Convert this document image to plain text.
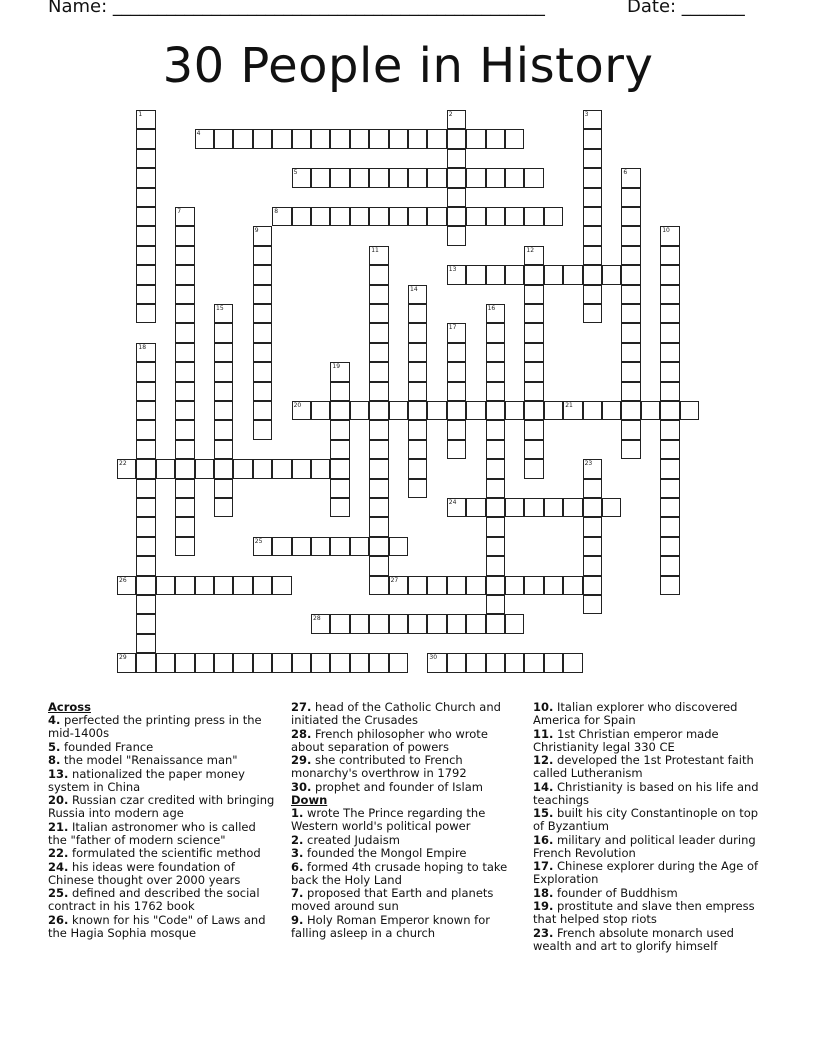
Name: ________________________________________________	Date: _______
30 People in History
1	2	3
4
5	6
7	8
9	10
11	12
13
14
15	16
17
18
19
20	21
22	23
24
25
26	27
28
29	30
Across
4. perfected the printing press in the mid-1400s
5. founded France
8. the model "Renaissance man"
13. nationalized the paper money system in China
20. Russian czar credited with bringing Russia into modern age
21. Italian astronomer who is called the "father of modern science"
22. formulated the scientific method
24. his ideas were foundation of Chinese thought over 2000 years
25. defined and described the social contract in his 1762 book
26. known for his "Code" of Laws and the Hagia Sophia mosque
27. head of the Catholic Church and initiated the Crusades
28. French philosopher who wrote about separation of powers
29. she contributed to French monarchy's overthrow in 1792
30. prophet and founder of Islam
Down
1. wrote The Prince regarding the Western world's political power
2. created Judaism
3. founded the Mongol Empire
6. formed 4th crusade hoping to take back the Holy Land
7. proposed that Earth and planets moved around sun
9. Holy Roman Emperor known for falling asleep in a church
10. Italian explorer who discovered America for Spain
11. 1st Christian emperor made Christianity legal 330 CE
12. developed the 1st Protestant faith called Lutheranism
14. Christianity is based on his life and teachings
15. built his city Constantinople on top of Byzantium
16. military and political leader during French Revolution
17. Chinese explorer during the Age of Exploration
18. founder of Buddhism
19. prostitute and slave then empress that helped stop riots
23. French absolute monarch used wealth and art to glorify himself
